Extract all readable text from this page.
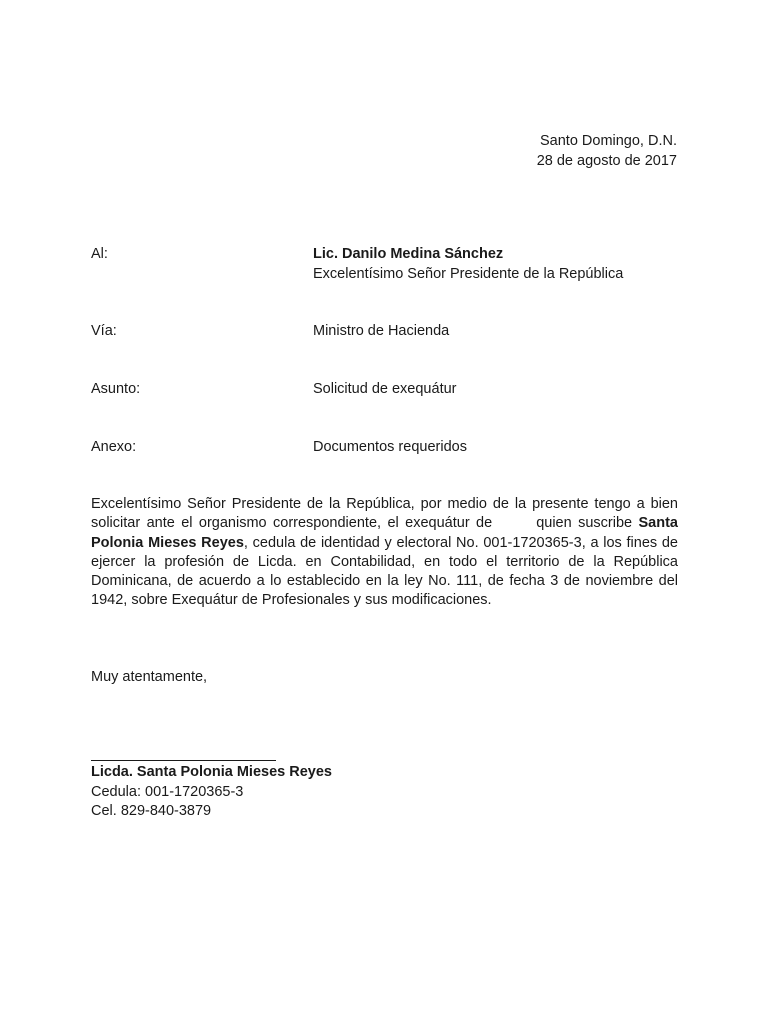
Santo Domingo, D.N.
28 de agosto de 2017
Al:	Lic. Danilo Medina Sánchez
Excelentísimo Señor Presidente de la República
Vía:	Ministro de Hacienda
Asunto:	Solicitud de exequátur
Anexo:	Documentos requeridos
Excelentísimo Señor Presidente de la República, por medio de la presente tengo a bien solicitar ante el organismo correspondiente, el exequátur de	quien suscribe Santa Polonia Mieses Reyes, cedula de identidad y electoral No. 001-1720365-3, a los fines de ejercer la profesión de Licda. en Contabilidad, en todo el territorio de la República Dominicana, de acuerdo a lo establecido en la ley No. 111, de fecha 3 de noviembre del 1942, sobre Exequátur de Profesionales y sus modificaciones.
Muy atentamente,
Licda. Santa Polonia Mieses Reyes
Cedula: 001-1720365-3
Cel. 829-840-3879
